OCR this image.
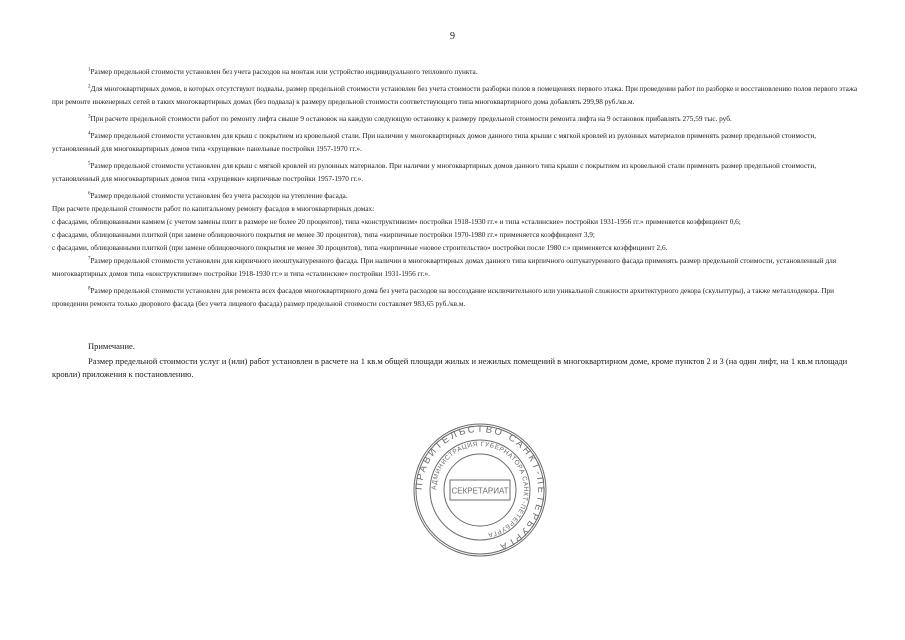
9

$^1$Размер предельной стоимости установлен без учета расходов на монтаж или устройство индивидуального теплового пункта.

$^2$Для многоквартирных домов, в которых отсутствуют подвалы, размер предельной стоимости установлен без учета стоимости разборки полов в помещениях первого этажа. При проведении работ по разборке и восстановлению полов первого этажа при ремонте инженерных сетей в таких многоквартирных домах (без подвала) к размеру предельной стоимости соответствующего типа многоквартирного дома добавлять 299,98 руб./кв.м.

$^3$При расчете предельной стоимости работ по ремонту лифта свыше 9 остановок на каждую следующую остановку к размеру предельной стоимости ремонта лифта на 9 остановок прибавлять 275,59 тыс. руб.

$^4$Размер предельной стоимости установлен для крыш с покрытием из кровельной стали. При наличии у многоквартирных домов данного типа крыши с мягкой кровлей из рулонных материалов применять размер предельной стоимости, установленный для многоквартирных домов типа «хрущевки» панельные постройки 1957-1970 гг.».

$^5$Размер предельной стоимости установлен для крыш с мягкой кровлей из рулонных материалов. При наличии у многоквартирных домов данного типа крыши с покрытием из кровельной стали применять размер предельной стоимости, установленный для многоквартирных домов типа «хрущевки» кирпичные постройки 1957-1970 гг.».

$^6$Размер предельной стоимости установлен без учета расходов на утепление фасада.

При расчете предельной стоимости работ по капитальному ремонту фасадов в многоквартирных домах:

с фасадами, облицованными камнем (с учетом замены плит в размере не более 20 процентов), типа «конструктивизм» постройки 1918-1930 гг.» и типа «сталинские» постройки 1931-1956 гг.» применяется коэффициент 0,6;

с фасадами, облицованными плиткой (при замене облицовочного покрытия не менее 30 процентов), типа «кирпичные постройки 1970-1980 гг.» применяется коэффициент 3,9;

с фасадами, облицованными плиткой (при замене облицовочного покрытия не менее 30 процентов), типа «кирпичные «новое строительство» постройки после 1980 г.» применяется коэффициент 2,6.

$^7$Размер предельной стоимости установлен для кирпичного неоштукатуренного фасада. При наличии в многоквартирных домах данного типа кирпичного оштукатуренного фасада применять размер предельной стоимости, установленный для многоквартирных домов типа «конструктивизм» постройки 1918-1930 гг.» и типа «сталинские» постройки 1931-1956 гг.».

$^8$Размер предельной стоимости установлен для ремонта всех фасадов многоквартирного дома без учета расходов на воссоздание исключительного или уникальной сложности архитектурного декора (скульптуры), а также металлодекора. При проведении ремонта только дворового фасада (без учета лицевого фасада) размер предельной стоимости составляет 983,65 руб./кв.м.

Примечание.

Размер предельной стоимости услуг и (или) работ установлен в расчете на 1 кв.м общей площади жилых и нежилых помещений в многоквартирном доме, кроме пунктов 2 и 3 (на один лифт, на 1 кв.м площади кровли) приложения к постановлению.

ПРАВИТЕЛЬСТВО САНКТ-ПЕТЕРБУРГА
АДМИНИСТРАЦИЯ ГУБЕРНАТОРА САНКТ-ПЕТЕРБУРГА
СЕКРЕТАРИАТ
